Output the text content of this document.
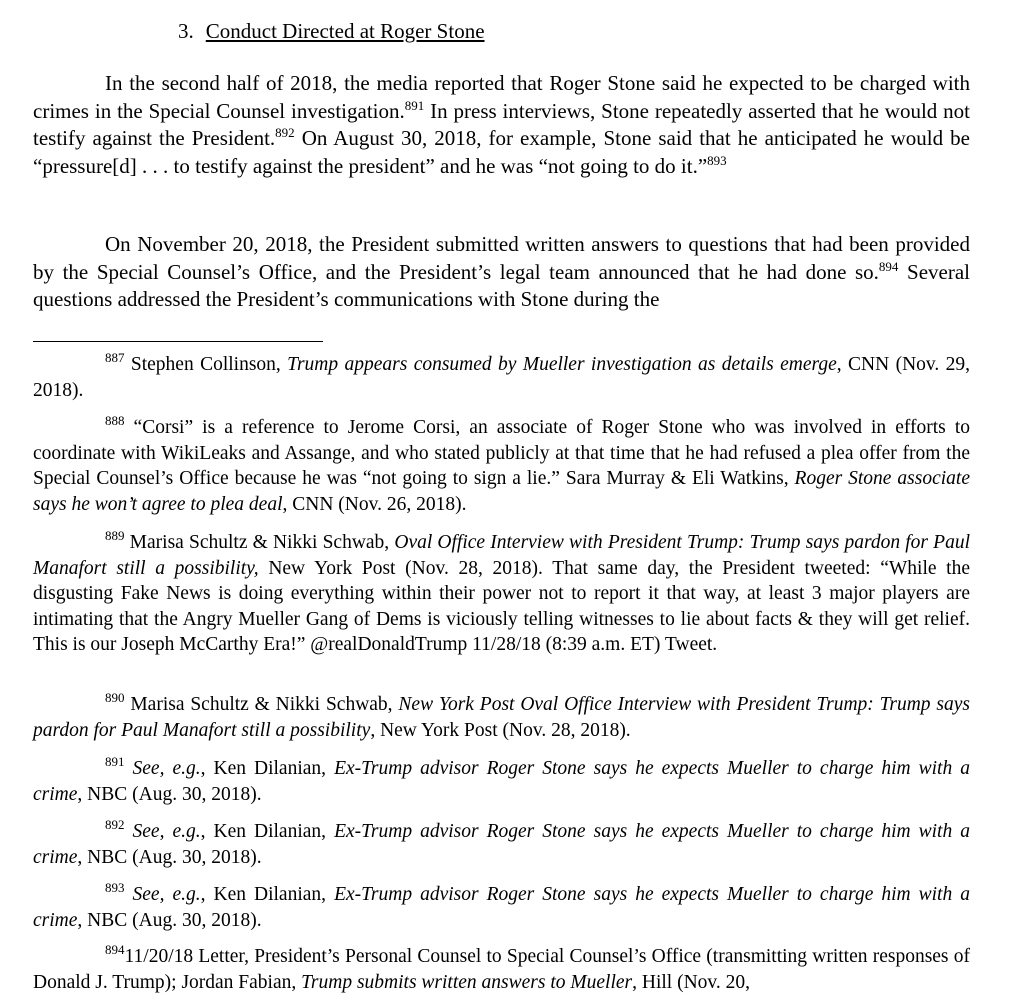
3. Conduct Directed at Roger Stone

In the second half of 2018, the media reported that Roger Stone said he expected to be charged with crimes in the Special Counsel investigation.$^{891}$ In press interviews, Stone repeatedly asserted that he would not testify against the President.$^{892}$ On August 30, 2018, for example, Stone said that he anticipated he would be “pressure[d] . . . to testify against the president” and he was “not going to do it.”$^{893}$

On November 20, 2018, the President submitted written answers to questions that had been provided by the Special Counsel’s Office, and the President’s legal team announced that he had done so.$^{894}$ Several questions addressed the President’s communications with Stone during the

$^{887}$ Stephen Collinson, Trump appears consumed by Mueller investigation as details emerge, CNN (Nov. 29, 2018).

$^{888}$ “Corsi” is a reference to Jerome Corsi, an associate of Roger Stone who was involved in efforts to coordinate with WikiLeaks and Assange, and who stated publicly at that time that he had refused a plea offer from the Special Counsel’s Office because he was “not going to sign a lie.” Sara Murray & Eli Watkins, Roger Stone associate says he won’t agree to plea deal, CNN (Nov. 26, 2018).

$^{889}$ Marisa Schultz & Nikki Schwab, Oval Office Interview with President Trump: Trump says pardon for Paul Manafort still a possibility, New York Post (Nov. 28, 2018). That same day, the President tweeted: “While the disgusting Fake News is doing everything within their power not to report it that way, at least 3 major players are intimating that the Angry Mueller Gang of Dems is viciously telling witnesses to lie about facts & they will get relief. This is our Joseph McCarthy Era!” @realDonaldTrump 11/28/18 (8:39 a.m. ET) Tweet.

$^{890}$ Marisa Schultz & Nikki Schwab, New York Post Oval Office Interview with President Trump: Trump says pardon for Paul Manafort still a possibility, New York Post (Nov. 28, 2018).

$^{891}$ See, e.g., Ken Dilanian, Ex-Trump advisor Roger Stone says he expects Mueller to charge him with a crime, NBC (Aug. 30, 2018).

$^{892}$ See, e.g., Ken Dilanian, Ex-Trump advisor Roger Stone says he expects Mueller to charge him with a crime, NBC (Aug. 30, 2018).

$^{893}$ See, e.g., Ken Dilanian, Ex-Trump advisor Roger Stone says he expects Mueller to charge him with a crime, NBC (Aug. 30, 2018).

$^{894}$11/20/18 Letter, President’s Personal Counsel to Special Counsel’s Office (transmitting written responses of Donald J. Trump); Jordan Fabian, Trump submits written answers to Mueller, Hill (Nov. 20,
